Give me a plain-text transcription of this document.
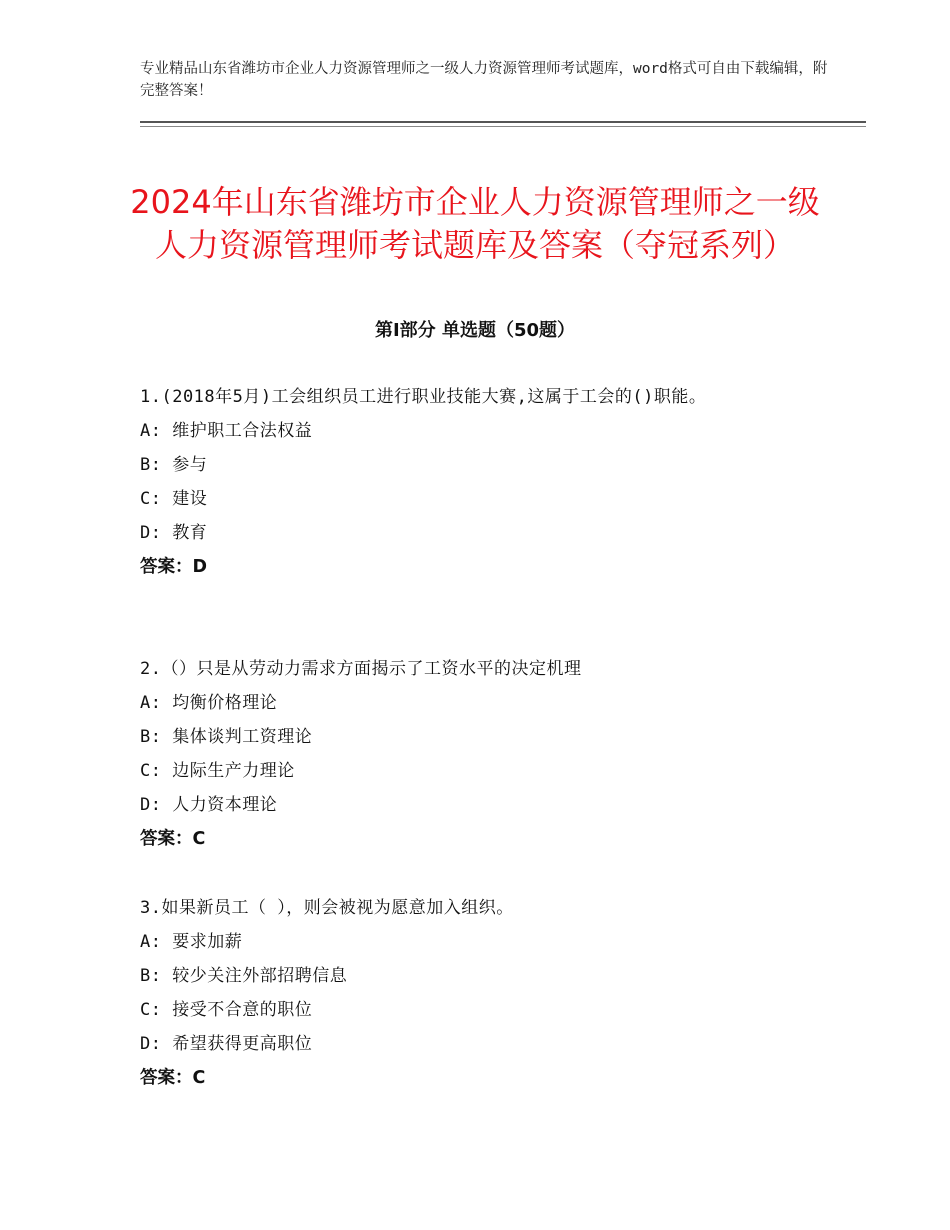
专业精品山东省潍坊市企业人力资源管理师之一级人力资源管理师考试题库，word格式可自由下载编辑，附完整答案！
2024年山东省潍坊市企业人力资源管理师之一级人力资源管理师考试题库及答案（夺冠系列）
第Ⅰ部分 单选题（50题）
1.(2018年5月)工会组织员工进行职业技能大赛,这属于工会的()职能。
A: 维护职工合法权益
B: 参与
C: 建设
D: 教育
答案：D
2.（）只是从劳动力需求方面揭示了工资水平的决定机理
A: 均衡价格理论
B: 集体谈判工资理论
C: 边际生产力理论
D: 人力资本理论
答案：C
3.如果新员工（ ），则会被视为愿意加入组织。
A: 要求加薪
B: 较少关注外部招聘信息
C: 接受不合意的职位
D: 希望获得更高职位
答案：C
